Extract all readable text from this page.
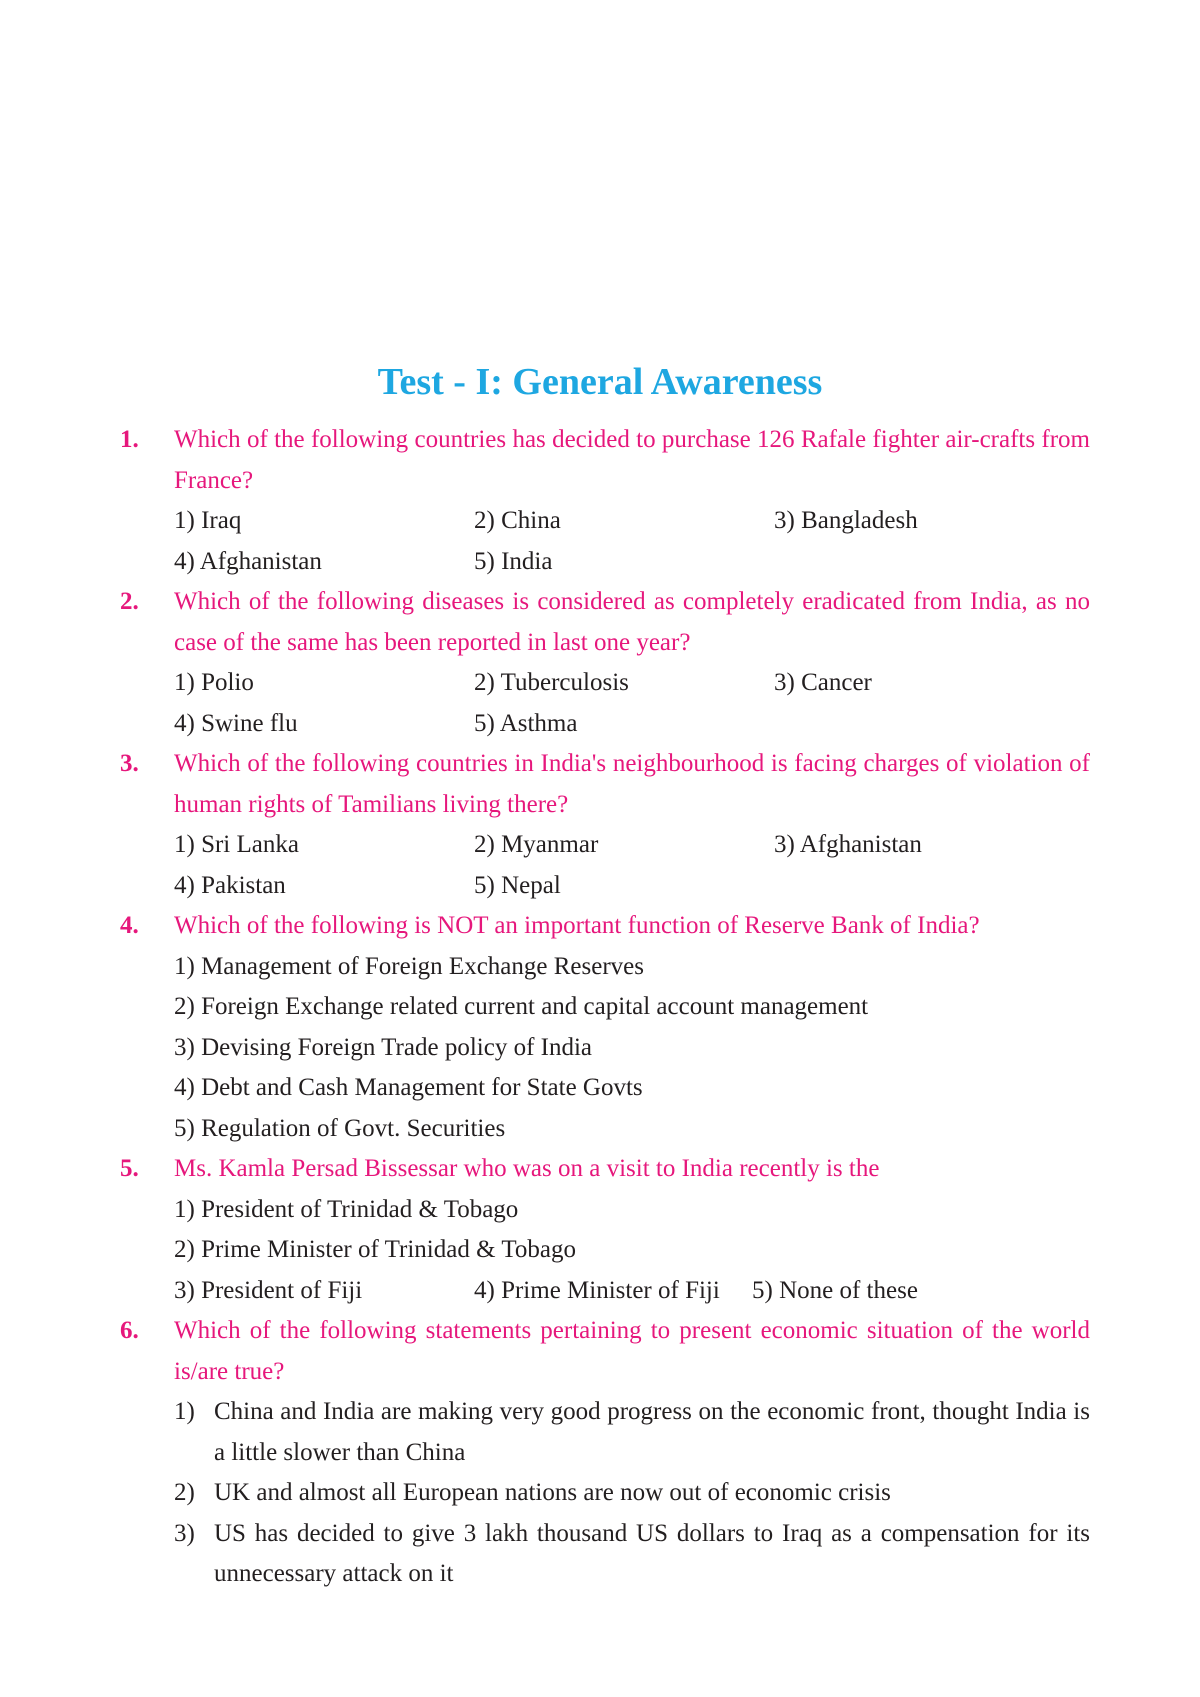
Test - I: General Awareness
1.	Which of the following countries has decided to purchase 126 Rafale fighter air-crafts from France?
1) Iraq	2) China	3) Bangladesh
4) Afghanistan	5) India
2.	Which of the following diseases is considered as completely eradicated from India, as no case of the same has been reported in last one year?
1) Polio	2) Tuberculosis	3) Cancer
4) Swine flu	5) Asthma
3.	Which of the following countries in India's neighbourhood is facing charges of violation of human rights of Tamilians living there?
1) Sri Lanka	2) Myanmar	3) Afghanistan
4) Pakistan	5) Nepal
4.	Which of the following is NOT an important function of Reserve Bank of India?
1) Management of Foreign Exchange Reserves
2) Foreign Exchange related current and capital account management
3) Devising Foreign Trade policy of India
4) Debt and Cash Management for State Govts
5) Regulation of Govt. Securities
5.	Ms. Kamla Persad Bissessar who was on a visit to India recently is the
1) President of Trinidad & Tobago
2) Prime Minister of Trinidad & Tobago
3) President of Fiji	4) Prime Minister of Fiji	5) None of these
6.	Which of the following statements pertaining to present economic situation of the world is/are true?
1) China and India are making very good progress on the economic front, thought India is a little slower than China
2) UK and almost all European nations are now out of economic crisis
3) US has decided to give 3 lakh thousand US dollars to Iraq as a compensation for its unnecessary attack on it
